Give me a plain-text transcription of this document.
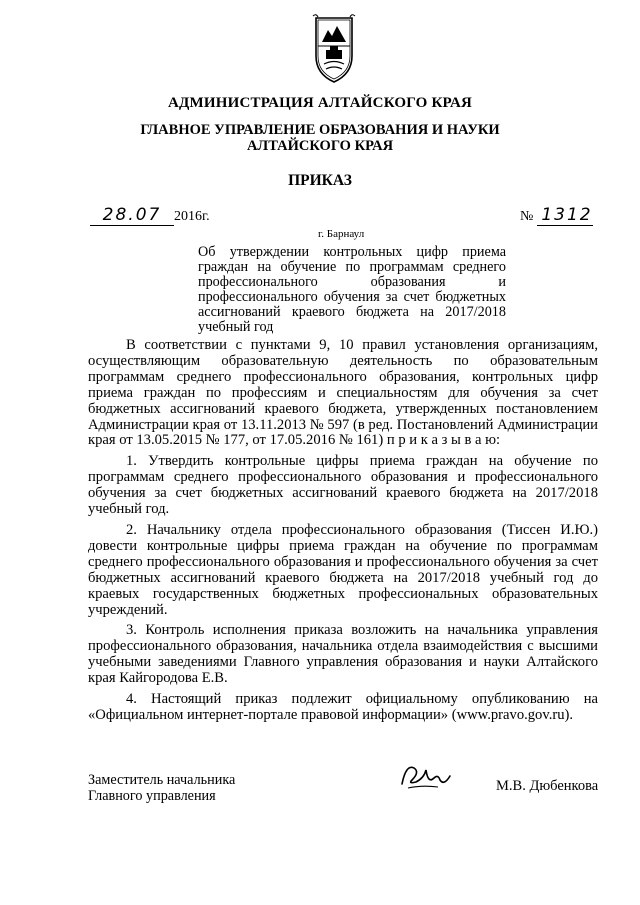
АДМИНИСТРАЦИЯ АЛТАЙСКОГО КРАЯ
ГЛАВНОЕ УПРАВЛЕНИЕ ОБРАЗОВАНИЯ И НАУКИ
АЛТАЙСКОГО КРАЯ
ПРИКАЗ
28.07 2016г.	№ 1312
г. Барнаул
Об утверждении контрольных цифр приема граждан на обучение по программам среднего профессионального образования и профессионального обучения за счет бюджетных ассигнований краевого бюджета на 2017/2018 учебный год

В соответствии с пунктами 9, 10 правил установления организациям, осуществляющим образовательную деятельность по образовательным программам среднего профессионального образования, контрольных цифр приема граждан по профессиям и специальностям для обучения за счет бюджетных ассигнований краевого бюджета, утвержденных постановлением Администрации края от 13.11.2013 № 597 (в ред. Постановлений Администрации края от 13.05.2015 № 177, от 17.05.2016 № 161) п р и к а з ы в а ю:

1. Утвердить контрольные цифры приема граждан на обучение по программам среднего профессионального образования и профессионального обучения за счет бюджетных ассигнований краевого бюджета на 2017/2018 учебный год.

2. Начальнику отдела профессионального образования (Тиссен И.Ю.) довести контрольные цифры приема граждан на обучение по программам среднего профессионального образования и профессионального обучения за счет бюджетных ассигнований краевого бюджета на 2017/2018 учебный год до краевых государственных бюджетных профессиональных образовательных учреждений.

3. Контроль исполнения приказа возложить на начальника управления профессионального образования, начальника отдела взаимодействия с высшими учебными заведениями Главного управления образования и науки Алтайского края Кайгородова Е.В.

4. Настоящий приказ подлежит официальному опубликованию на «Официальном интернет-портале правовой информации» (www.pravo.gov.ru).

Заместитель начальника
Главного управления
М.В. Дюбенкова
